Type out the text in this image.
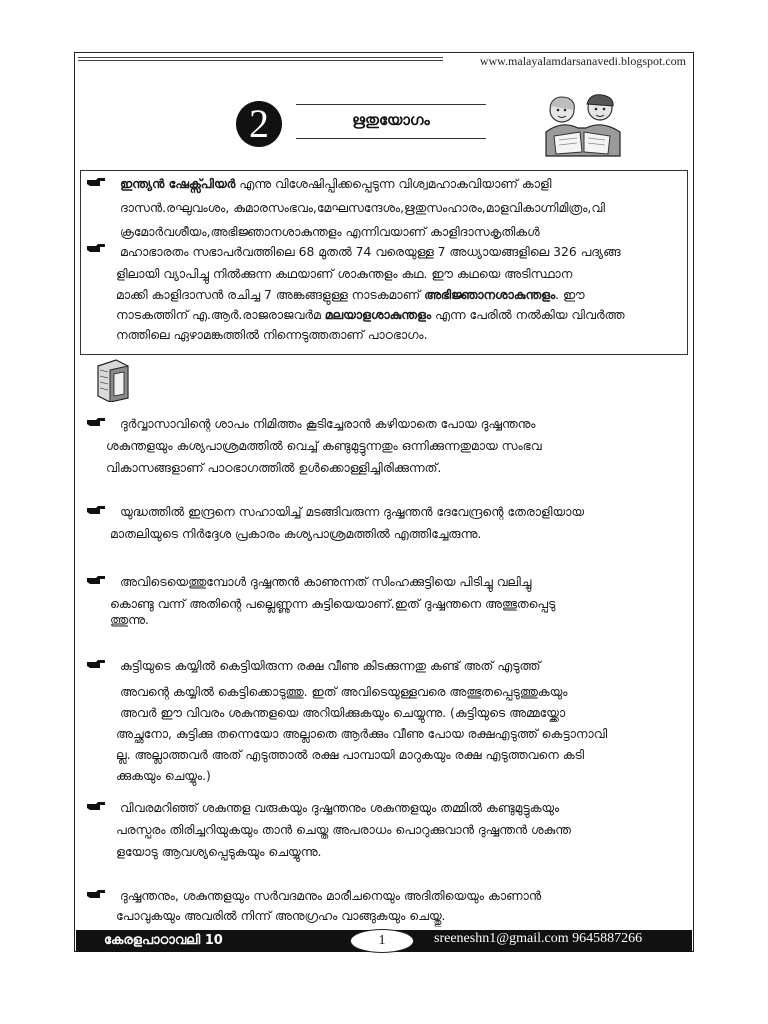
www.malayalamdarsanavedi.blogspot.com
2	ഋതുയോഗം
ഇന്ത്യൻ ഷേക്സ്പിയർ എന്നു വിശേഷിപ്പിക്കപ്പെടുന്ന വിശ്വമഹാകവിയാണ് കാളി
ദാസൻ.രഘുവംശം, കുമാരസംഭവം,മേഘസന്ദേശം,ഋതുസംഹാരം,മാളവികാഗ്നിമിത്രം,വി
ക്രമോർവശീയം,അഭിജ്ഞാനശാകുന്തളം എന്നിവയാണ് കാളിദാസകൃതികൾ
മഹാഭാരതം സഭാപർവത്തിലെ 68 മുതൽ 74 വരെയുള്ള 7 അധ്യായങ്ങളിലെ 326 പദ്യങ്ങ
ളിലായി വ്യാപിച്ചു നിൽക്കുന്ന കഥയാണ് ശാകുന്തളം കഥ. ഈ കഥയെ അടിസ്ഥാന
മാക്കി കാളിദാസൻ രചിച്ച 7 അങ്കങ്ങളുള്ള നാടകമാണ് അഭിജ്ഞാനശാകുന്തളം. ഈ
നാടകത്തിന് എ.ആർ.രാജരാജവർമ മലയാളശാകുന്തളം എന്ന പേരിൽ നൽകിയ വിവർത്ത
നത്തിലെ ഏഴാമങ്കത്തിൽ നിന്നെടുത്തതാണ് പാഠഭാഗം.
ദുർവ്വാസാവിന്റെ ശാപം നിമിത്തം കൂടിച്ചേരാൻ കഴിയാതെ പോയ ദുഷ്ഷന്തനും
ശകുന്തളയും കശ്യപാശ്രമത്തിൽ വെച്ച് കണ്ടുമുട്ടുന്നതും ഒന്നിക്കുന്നതുമായ സംഭവ
വികാസങ്ങളാണ് പാഠഭാഗത്തിൽ ഉൾക്കൊള്ളിച്ചിരിക്കുന്നത്.
യുദ്ധത്തിൽ ഇന്ദ്രനെ സഹായിച്ച് മടങ്ങിവരുന്ന ദുഷ്ഷന്തൻ ദേവേന്ദ്രന്റെ തേരാളിയായ
മാതലിയുടെ നിർദ്ദേശ പ്രകാരം കശ്യപാശ്രമത്തിൽ എത്തിച്ചേരുന്നു.
അവിടെയെത്തുമ്പോൾ ദുഷ്ഷന്തൻ കാണുന്നത് സിംഹക്കുട്ടിയെ പിടിച്ചു വലിച്ചു
കൊണ്ടു വന്ന് അതിന്റെ പല്ലെണ്ണുന്ന കുട്ടിയെയാണ്.ഇത് ദുഷ്ഷന്തനെ അത്ഭുതപ്പെടു
ത്തുന്നു.
കുട്ടിയുടെ കയ്യിൽ കെട്ടിയിരുന്ന രക്ഷ വീണു കിടക്കുന്നതു കണ്ട് അത് എടുത്ത്
അവന്റെ കയ്യിൽ കെട്ടിക്കൊടുത്തു. ഇത് അവിടെയുള്ളവരെ അത്ഭുതപ്പെടുത്തുകയും
അവർ ഈ വിവരം ശകുന്തളയെ അറിയിക്കുകയും ചെയ്യുന്നു. (കുട്ടിയുടെ അമ്മയ്ക്കോ
അച്ഛനോ, കുട്ടിക്കു തന്നെയോ അല്ലാതെ ആർക്കും വീണു പോയ രക്ഷഎടുത്ത് കെട്ടാനാവി
ല്ല. അല്ലാത്തവർ അത് എടുത്താൽ രക്ഷ പാമ്പായി മാറുകയും രക്ഷ എടുത്തവനെ കടി
ക്കുകയും ചെയ്യും.)
വിവരമറിഞ്ഞ് ശകുന്തള വരുകയും ദുഷ്ഷന്തനും ശകുന്തളയും തമ്മിൽ കണ്ടുമുട്ടുകയും
പരസ്പരം തിരിച്ചറിയുകയും താൻ ചെയ്ത അപരാധം പൊറുക്കുവാൻ ദുഷ്ഷന്തൻ ശകുന്ത
ളയോടു ആവശ്യപ്പെടുകയും ചെയ്യുന്നു.
ദുഷ്ഷന്തനും, ശകുന്തളയും സർവദമനും മാരീചനെയും അദിതിയെയും കാണാൻ
പോവുകയും അവരിൽ നിന്ന് അനുഗ്രഹം വാങ്ങുകയും ചെയ്തു.
കേരളപാഠാവലി 10	1	sreeneshn1@gmail.com 9645887266
